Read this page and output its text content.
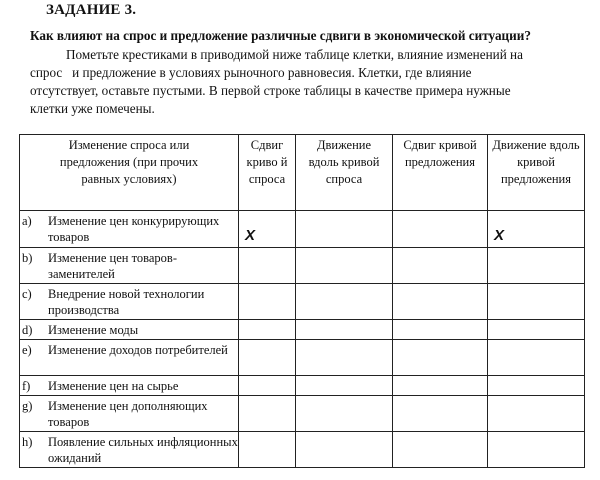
ЗАДАНИЕ 3.
Как влияют на спрос и предложение различные сдвиги в экономической ситуации?
Пометьте крестиками в приводимой ниже таблице клетки, влияние изменений на
спрос   и предложение в условиях рыночного равновесия. Клетки, где влияние
отсутствует, оставьте пустыми. В первой строке таблицы в качестве примера нужные
клетки уже помечены.
Изменение спроса или предложения (при прочих равных условиях)	Сдвиг криво й спроса	Движение вдоль кривой спроса	Сдвиг кривой предложения	Движение вдоль кривой предложения

a) Изменение цен конкурирующих товаров	X			X

b) Изменение цен товаров-заменителей				

c) Внедрение новой технологии производства				

d) Изменение моды				

e) Изменение доходов потребителей				

f) Изменение цен на сырье				

g) Изменение цен дополняющих товаров				

h) Появление сильных инфляционных ожиданий				
